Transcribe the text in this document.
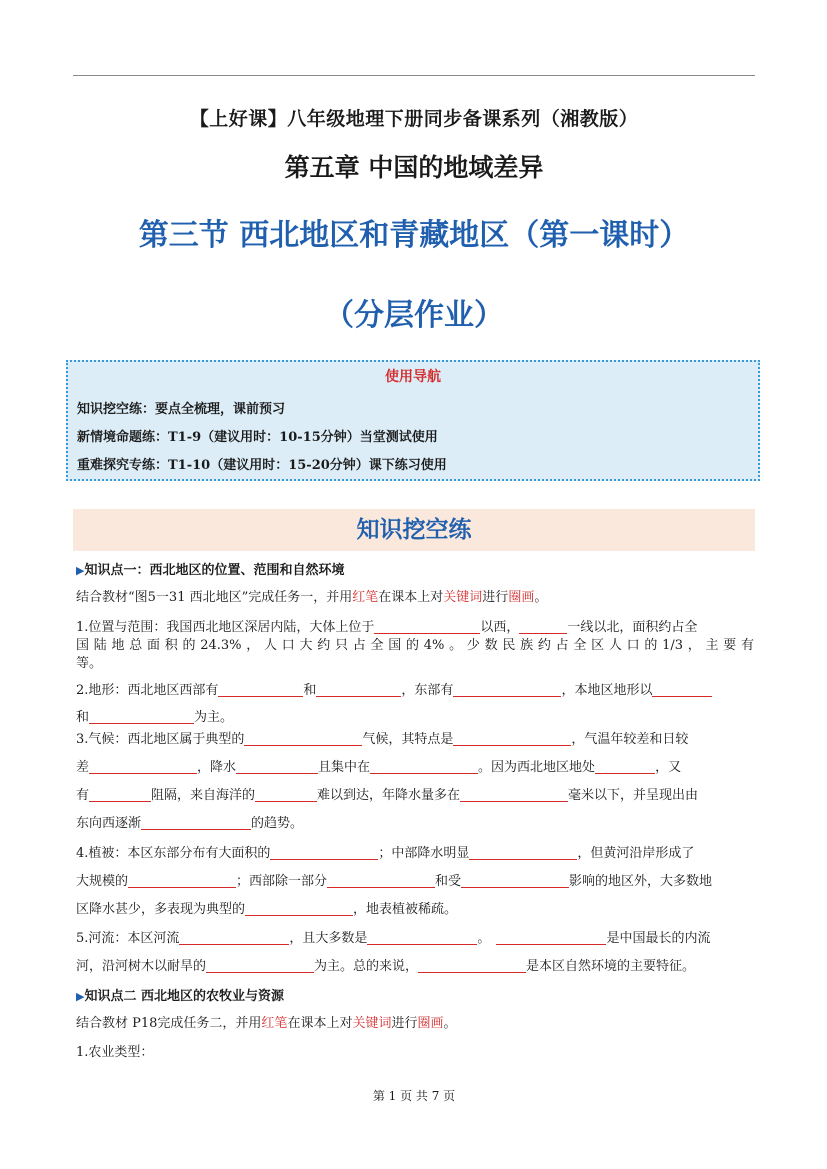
【上好课】八年级地理下册同步备课系列（湘教版）
第五章 中国的地域差异
第三节 西北地区和青藏地区（第一课时）
（分层作业）
使用导航
知识挖空练：要点全梳理，课前预习
新情境命题练：T1-9（建议用时：10-15分钟）当堂测试使用
重难探究专练：T1-10（建议用时：15-20分钟）课下练习使用
知识挖空练
▶知识点一：西北地区的位置、范围和自然环境
结合教材“图5一31 西北地区”完成任务一，并用红笔在课本上对关键词进行圈画。
1.位置与范围：我国西北地区深居内陆，大体上位于	以西，	一线以北，面积约占全
国陆地总面积的24.3%，人口大约只占全国的4%。少数民族约占全区人口的1/3，主要有
等。
2.地形：西北地区西部有	和	，东部有	，本地区地形以
和	为主。
3.气候：西北地区属于典型的	气候，其特点是	，气温年较差和日较
差	，降水	且集中在	。因为西北地区地处	，又
有	阻隔，来自海洋的	难以到达，年降水量多在	毫米以下，并呈现出由
东向西逐渐	的趋势。
4.植被：本区东部分布有大面积的	；中部降水明显	，但黄河沿岸形成了
大规模的	；西部除一部分	和受	影响的地区外，大多数地
区降水甚少，多表现为典型的	，地表植被稀疏。
5.河流：本区河流	，且大多数是	。	是中国最长的内流
河，沿河树木以耐旱的	为主。总的来说，	是本区自然环境的主要特征。
▶知识点二 西北地区的农牧业与资源
结合教材 P18完成任务二，并用红笔在课本上对关键词进行圈画。
1.农业类型：
第 1 页 共 7 页
